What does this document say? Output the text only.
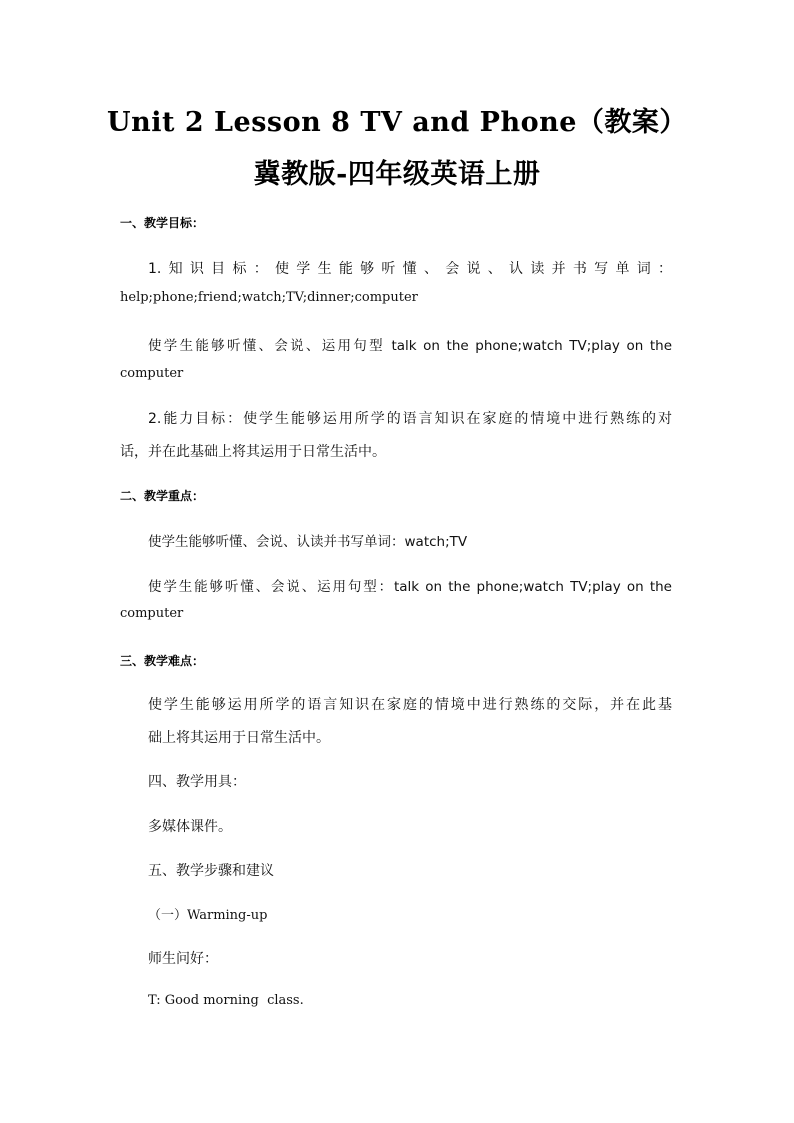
Unit 2 Lesson 8 TV and Phone（教案）
冀教版-四年级英语上册
一、教学目标：
1.知识目标：使学生能够听懂、会说、认读并书写单词：
help;phone;friend;watch;TV;dinner;computer
使学生能够听懂、会说、运用句型 talk on the phone;watch TV;play on the
computer
2.能力目标：使学生能够运用所学的语言知识在家庭的情境中进行熟练的对
话，并在此基础上将其运用于日常生活中。
二、教学重点：
使学生能够听懂、会说、认读并书写单词：watch;TV
使学生能够听懂、会说、运用句型：talk on the phone;watch TV;play on the
computer
三、教学难点：
使学生能够运用所学的语言知识在家庭的情境中进行熟练的交际，并在此基
础上将其运用于日常生活中。
四、教学用具：
多媒体课件。
五、教学步骤和建议
（一）Warming-up
师生问好：
T: Good morning  class.
